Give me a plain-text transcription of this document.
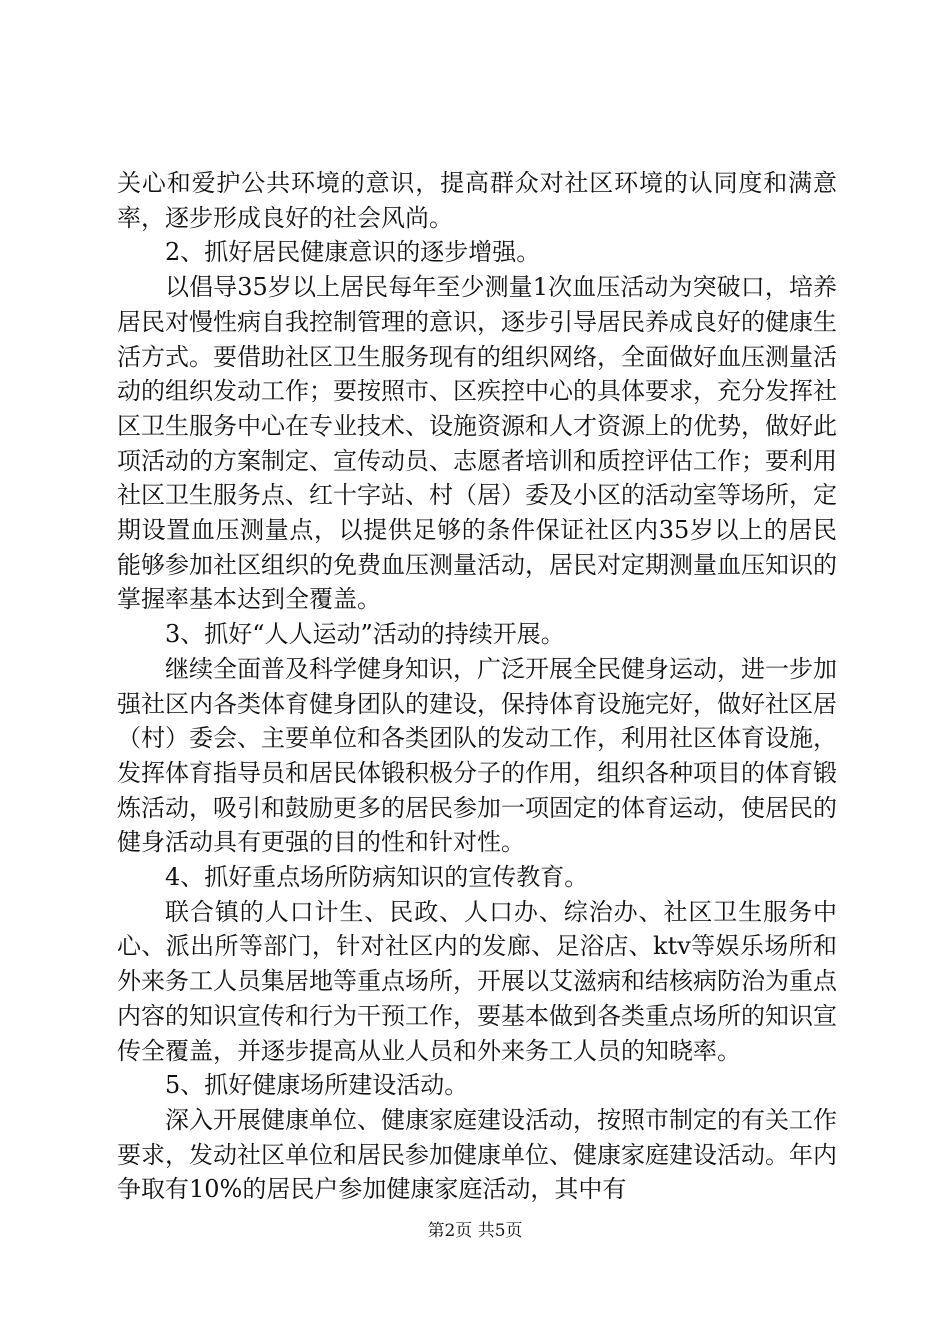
关心和爱护公共环境的意识，提高群众对社区环境的认同度和满意率，逐步形成良好的社会风尚。

2、抓好居民健康意识的逐步增强。

以倡导35岁以上居民每年至少测量1次血压活动为突破口，培养居民对慢性病自我控制管理的意识，逐步引导居民养成良好的健康生活方式。要借助社区卫生服务现有的组织网络，全面做好血压测量活动的组织发动工作；要按照市、区疾控中心的具体要求，充分发挥社区卫生服务中心在专业技术、设施资源和人才资源上的优势，做好此项活动的方案制定、宣传动员、志愿者培训和质控评估工作；要利用社区卫生服务点、红十字站、村（居）委及小区的活动室等场所，定期设置血压测量点，以提供足够的条件保证社区内35岁以上的居民能够参加社区组织的免费血压测量活动，居民对定期测量血压知识的掌握率基本达到全覆盖。

3、抓好“人人运动”活动的持续开展。

继续全面普及科学健身知识，广泛开展全民健身运动，进一步加强社区内各类体育健身团队的建设，保持体育设施完好，做好社区居（村）委会、主要单位和各类团队的发动工作，利用社区体育设施，发挥体育指导员和居民体锻积极分子的作用，组织各种项目的体育锻炼活动，吸引和鼓励更多的居民参加一项固定的体育运动，使居民的健身活动具有更强的目的性和针对性。

4、抓好重点场所防病知识的宣传教育。

联合镇的人口计生、民政、人口办、综治办、社区卫生服务中心、派出所等部门，针对社区内的发廊、足浴店、ktv等娱乐场所和外来务工人员集居地等重点场所，开展以艾滋病和结核病防治为重点内容的知识宣传和行为干预工作，要基本做到各类重点场所的知识宣传全覆盖，并逐步提高从业人员和外来务工人员的知晓率。

5、抓好健康场所建设活动。

深入开展健康单位、健康家庭建设活动，按照市制定的有关工作要求，发动社区单位和居民参加健康单位、健康家庭建设活动。年内争取有10%的居民户参加健康家庭活动，其中有

第2页 共5页
